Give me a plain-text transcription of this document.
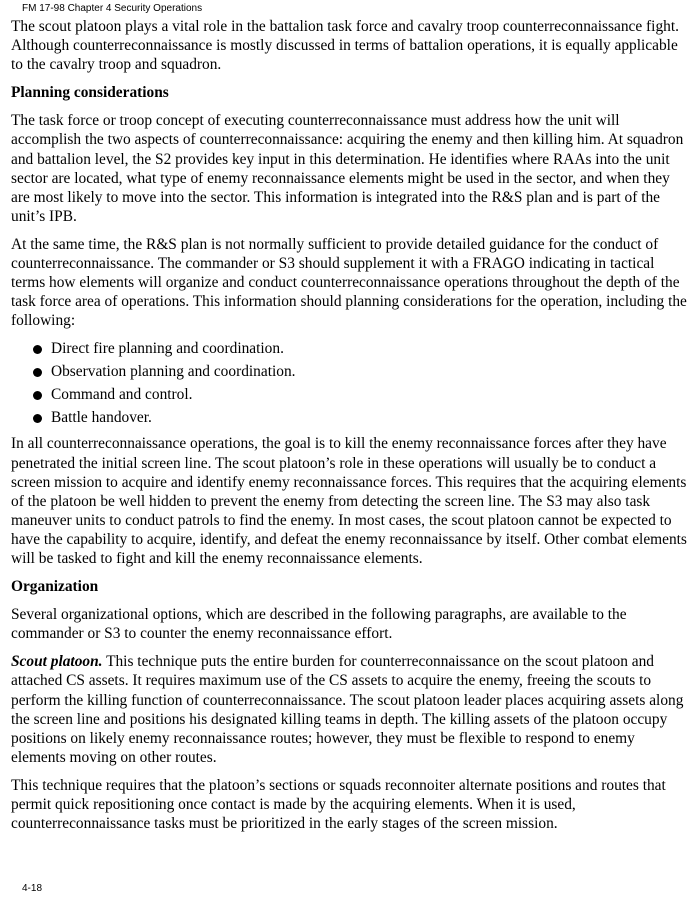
FM 17-98 Chapter 4 Security Operations

The scout platoon plays a vital role in the battalion task force and cavalry troop counterreconnaissance fight. Although counterreconnaissance is mostly discussed in terms of battalion operations, it is equally applicable to the cavalry troop and squadron.

Planning considerations

The task force or troop concept of executing counterreconnaissance must address how the unit will accomplish the two aspects of counterreconnaissance: acquiring the enemy and then killing him. At squadron and battalion level, the S2 provides key input in this determination. He identifies where RAAs into the unit sector are located, what type of enemy reconnaissance elements might be used in the sector, and when they are most likely to move into the sector. This information is integrated into the R&S plan and is part of the unit’s IPB.

At the same time, the R&S plan is not normally sufficient to provide detailed guidance for the conduct of counterreconnaissance. The commander or S3 should supplement it with a FRAGO indicating in tactical terms how elements will organize and conduct counterreconnaissance operations throughout the depth of the task force area of operations. This information should planning considerations for the operation, including the following:

Direct fire planning and coordination.
Observation planning and coordination.
Command and control.
Battle handover.

In all counterreconnaissance operations, the goal is to kill the enemy reconnaissance forces after they have penetrated the initial screen line. The scout platoon’s role in these operations will usually be to conduct a screen mission to acquire and identify enemy reconnaissance forces. This requires that the acquiring elements of the platoon be well hidden to prevent the enemy from detecting the screen line. The S3 may also task maneuver units to conduct patrols to find the enemy. In most cases, the scout platoon cannot be expected to have the capability to acquire, identify, and defeat the enemy reconnaissance by itself. Other combat elements will be tasked to fight and kill the enemy reconnaissance elements.

Organization

Several organizational options, which are described in the following paragraphs, are available to the commander or S3 to counter the enemy reconnaissance effort.

Scout platoon. This technique puts the entire burden for counterreconnaissance on the scout platoon and attached CS assets. It requires maximum use of the CS assets to acquire the enemy, freeing the scouts to perform the killing function of counterreconnaissance. The scout platoon leader places acquiring assets along the screen line and positions his designated killing teams in depth. The killing assets of the platoon occupy positions on likely enemy reconnaissance routes; however, they must be flexible to respond to enemy elements moving on other routes.

This technique requires that the platoon’s sections or squads reconnoiter alternate positions and routes that permit quick repositioning once contact is made by the acquiring elements. When it is used, counterreconnaissance tasks must be prioritized in the early stages of the screen mission.

4-18
